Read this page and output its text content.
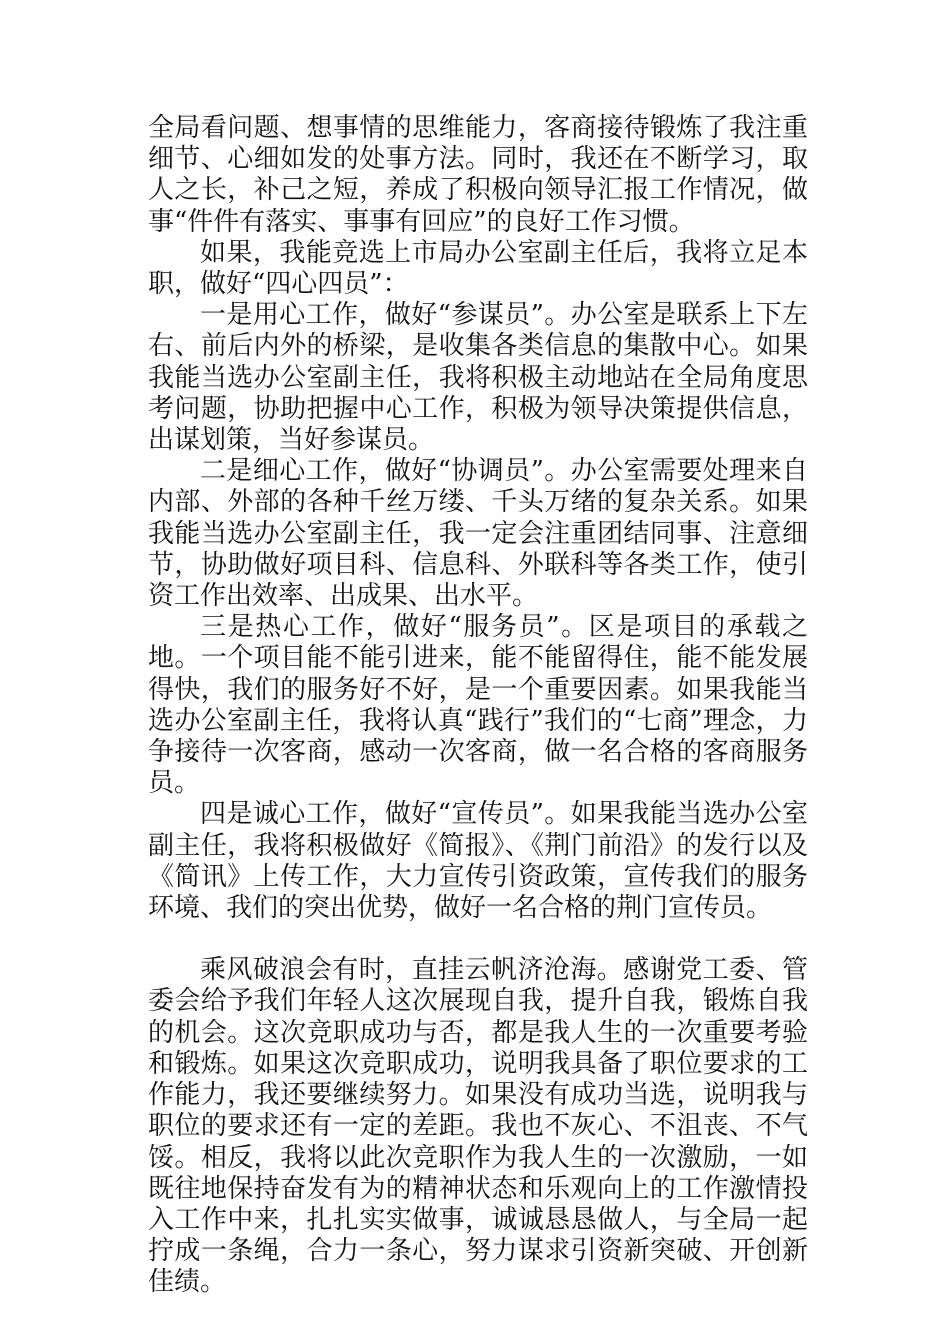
全局看问题、想事情的思维能力，客商接待锻炼了我注重细节、心细如发的处事方法。同时，我还在不断学习，取人之长，补己之短，养成了积极向领导汇报工作情况，做事“件件有落实、事事有回应”的良好工作习惯。

如果，我能竞选上市局办公室副主任后，我将立足本职，做好“四心四员”：

一是用心工作，做好“参谋员”。办公室是联系上下左右、前后内外的桥梁，是收集各类信息的集散中心。如果我能当选办公室副主任，我将积极主动地站在全局角度思考问题，协助把握中心工作，积极为领导决策提供信息，出谋划策，当好参谋员。

二是细心工作，做好“协调员”。办公室需要处理来自内部、外部的各种千丝万缕、千头万绪的复杂关系。如果我能当选办公室副主任，我一定会注重团结同事、注意细节，协助做好项目科、信息科、外联科等各类工作，使引资工作出效率、出成果、出水平。

三是热心工作，做好“服务员”。区是项目的承载之地。一个项目能不能引进来，能不能留得住，能不能发展得快，我们的服务好不好，是一个重要因素。如果我能当选办公室副主任，我将认真“践行”我们的“七商”理念，力争接待一次客商，感动一次客商，做一名合格的客商服务员。

四是诚心工作，做好“宣传员”。如果我能当选办公室副主任，我将积极做好《简报》、《荆门前沿》的发行以及《简讯》上传工作，大力宣传引资政策，宣传我们的服务环境、我们的突出优势，做好一名合格的荆门宣传员。

乘风破浪会有时，直挂云帆济沧海。感谢党工委、管委会给予我们年轻人这次展现自我，提升自我，锻炼自我的机会。这次竞职成功与否，都是我人生的一次重要考验和锻炼。如果这次竞职成功，说明我具备了职位要求的工作能力，我还要继续努力。如果没有成功当选，说明我与职位的要求还有一定的差距。我也不灰心、不沮丧、不气馁。相反，我将以此次竞职作为我人生的一次激励，一如既往地保持奋发有为的精神状态和乐观向上的工作激情投入工作中来，扎扎实实做事，诚诚恳恳做人，与全局一起拧成一条绳，合力一条心，努力谋求引资新突破、开创新佳绩。
